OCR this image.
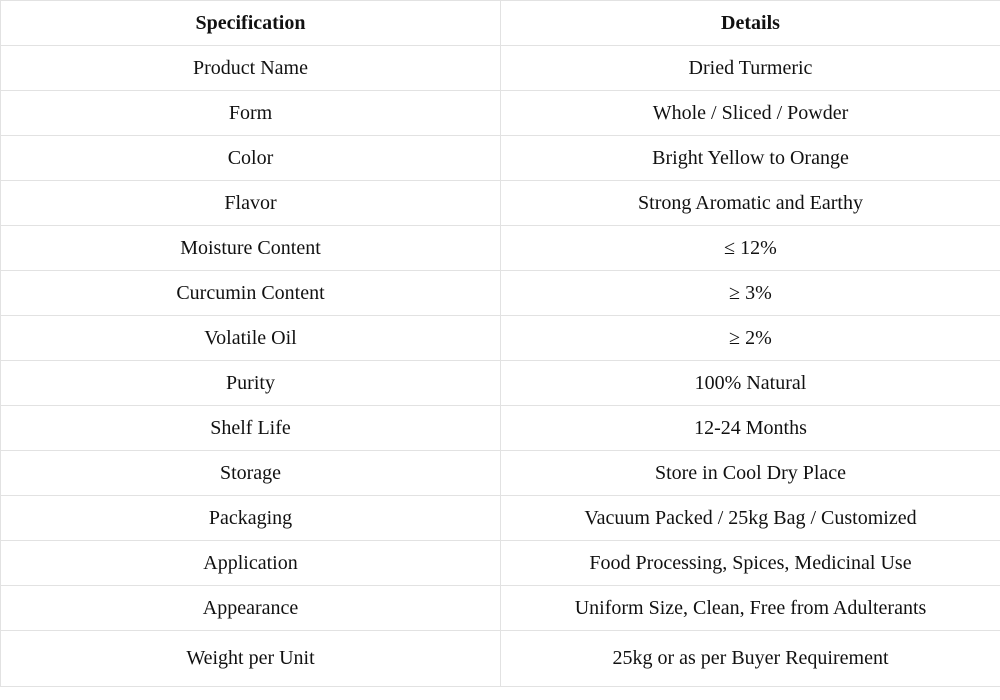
Specification	Details
Product Name	Dried Turmeric
Form	Whole / Sliced / Powder
Color	Bright Yellow to Orange
Flavor	Strong Aromatic and Earthy
Moisture Content	≤ 12%
Curcumin Content	≥ 3%
Volatile Oil	≥ 2%
Purity	100% Natural
Shelf Life	12-24 Months
Storage	Store in Cool Dry Place
Packaging	Vacuum Packed / 25kg Bag / Customized
Application	Food Processing, Spices, Medicinal Use
Appearance	Uniform Size, Clean, Free from Adulterants
Weight per Unit	25kg or as per Buyer Requirement
